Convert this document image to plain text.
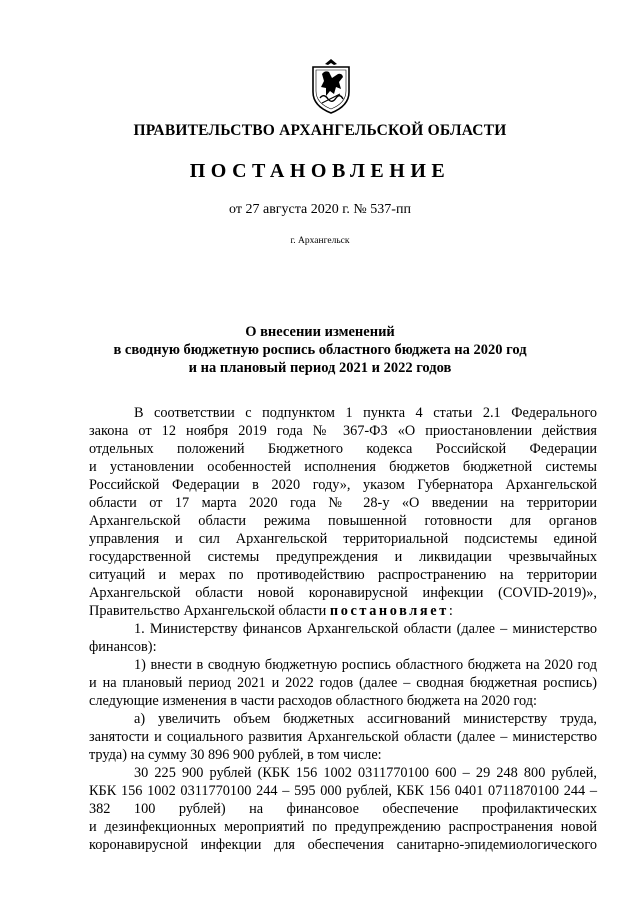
ПРАВИТЕЛЬСТВО АРХАНГЕЛЬСКОЙ ОБЛАСТИ
ПОСТАНОВЛЕНИЕ
от 27 августа 2020 г. № 537-пп
г. Архангельск
О внесении изменений
в сводную бюджетную роспись областного бюджета на 2020 год
и на плановый период 2021 и 2022 годов
В соответствии с подпунктом 1 пункта 4 статьи 2.1 Федерального
закона от 12 ноября 2019 года № 367-ФЗ «О приостановлении действия
отдельных положений Бюджетного кодекса Российской Федерации
и установлении особенностей исполнения бюджетов бюджетной системы
Российской Федерации в 2020 году», указом Губернатора Архангельской
области от 17 марта 2020 года № 28-у «О введении на территории
Архангельской области режима повышенной готовности для органов
управления и сил Архангельской территориальной подсистемы единой
государственной системы предупреждения и ликвидации чрезвычайных
ситуаций и мерах по противодействию распространению на территории
Архангельской области новой коронавирусной инфекции (COVID-2019)»,
Правительство Архангельской области постановляет:
1. Министерству финансов Архангельской области (далее – министерство
финансов):
1) внести в сводную бюджетную роспись областного бюджета на 2020 год
и на плановый период 2021 и 2022 годов (далее – сводная бюджетная роспись)
следующие изменения в части расходов областного бюджета на 2020 год:
а) увеличить объем бюджетных ассигнований министерству труда,
занятости и социального развития Архангельской области (далее – министерство
труда) на сумму 30 896 900 рублей, в том числе:
30 225 900 рублей (КБК 156 1002 0311770100 600 – 29 248 800 рублей,
КБК 156 1002 0311770100 244 – 595 000 рублей, КБК 156 0401 0711870100 244 –
382 100 рублей) на финансовое обеспечение профилактических
и дезинфекционных мероприятий по предупреждению распространения новой
коронавирусной инфекции для обеспечения санитарно-эпидемиологического
